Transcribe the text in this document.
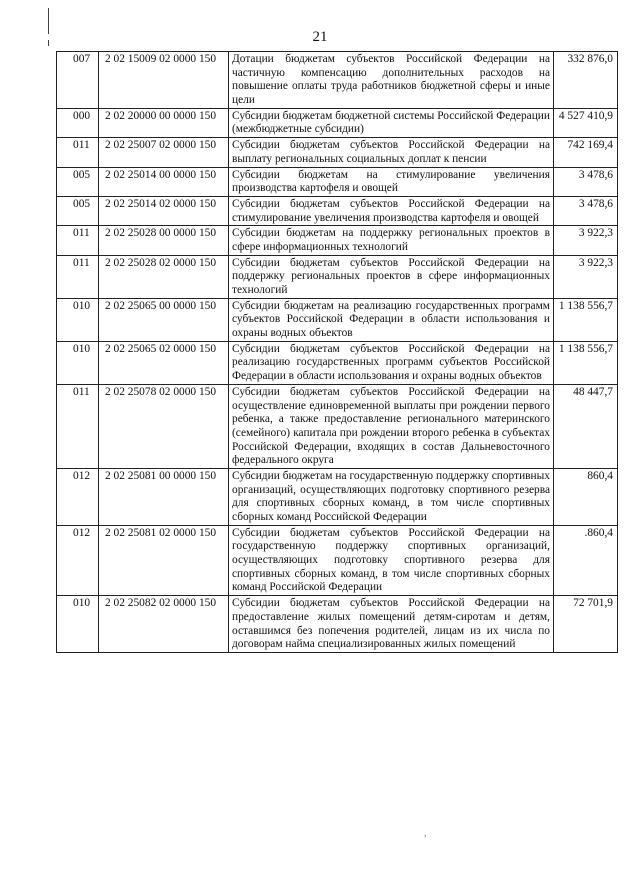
21
007	2 02 15009 02 0000 150	Дотации бюджетам субъектов Российской Федерации на частичную компенсацию дополнительных расходов на повышение оплаты труда работников бюджетной сферы и иные цели	332 876,0
000	2 02 20000 00 0000 150	Субсидии бюджетам бюджетной системы Российской Федерации (межбюджетные субсидии)	4 527 410,9
011	2 02 25007 02 0000 150	Субсидии бюджетам субъектов Российской Федерации на выплату региональных социальных доплат к пенсии	742 169,4
005	2 02 25014 00 0000 150	Субсидии бюджетам на стимулирование увеличения производства картофеля и овощей	3 478,6
005	2 02 25014 02 0000 150	Субсидии бюджетам субъектов Российской Федерации на стимулирование увеличения производства картофеля и овощей	3 478,6
011	2 02 25028 00 0000 150	Субсидии бюджетам на поддержку региональных проектов в сфере информационных технологий	3 922,3
011	2 02 25028 02 0000 150	Субсидии бюджетам субъектов Российской Федерации на поддержку региональных проектов в сфере информационных технологий	3 922,3
010	2 02 25065 00 0000 150	Субсидии бюджетам на реализацию государственных программ субъектов Российской Федерации в области использования и охраны водных объектов	1 138 556,7
010	2 02 25065 02 0000 150	Субсидии бюджетам субъектов Российской Федерации на реализацию государственных программ субъектов Российской Федерации в области использования и охраны водных объектов	1 138 556,7
011	2 02 25078 02 0000 150	Субсидии бюджетам субъектов Российской Федерации на осуществление единовременной выплаты при рождении первого ребенка, а также предоставление регионального материнского (семейного) капитала при рождении второго ребенка в субъектах Российской Федерации, входящих в состав Дальневосточного федерального округа	48 447,7
012	2 02 25081 00 0000 150	Субсидии бюджетам на государственную поддержку спортивных организаций, осуществляющих подготовку спортивного резерва для спортивных сборных команд, в том числе спортивных сборных команд Российской Федерации	860,4
012	2 02 25081 02 0000 150	Субсидии бюджетам субъектов Российской Федерации на государственную поддержку спортивных организаций, осуществляющих подготовку спортивного резерва для спортивных сборных команд, в том числе спортивных сборных команд Российской Федерации	.860,4
010	2 02 25082 02 0000 150	Субсидии бюджетам субъектов Российской Федерации на предоставление жилых помещений детям-сиротам и детям, оставшимся без попечения родителей, лицам из их числа по договорам найма специализированных жилых помещений	72 701,9
,
